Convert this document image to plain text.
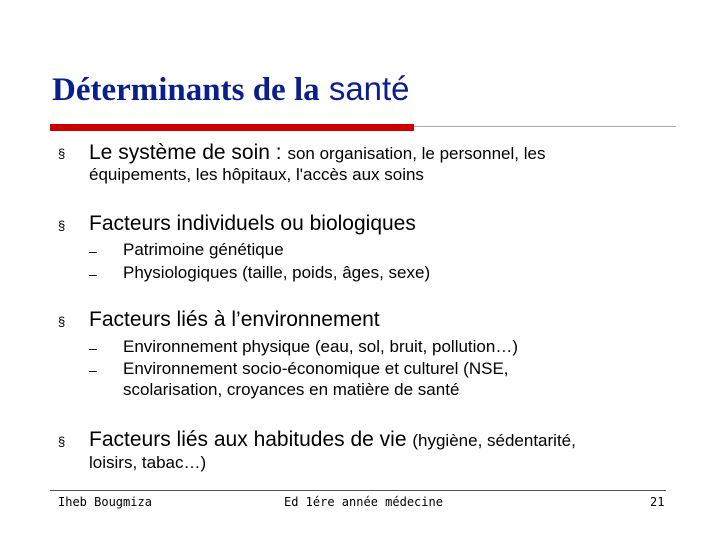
Déterminants de la santé
§ Le système de soin : son organisation, le personnel, les
équipements, les hôpitaux, l'accès aux soins
§ Facteurs individuels ou biologiques
– Patrimoine génétique
– Physiologiques (taille, poids, âges, sexe)
§ Facteurs liés à l’environnement
– Environnement physique (eau, sol, bruit, pollution…)
– Environnement socio-économique et culturel (NSE,
scolarisation, croyances en matière de santé
§ Facteurs liés aux habitudes de vie (hygiène, sédentarité,
loisirs, tabac…)
Iheb Bougmiza	Ed 1ére année médecine	21
